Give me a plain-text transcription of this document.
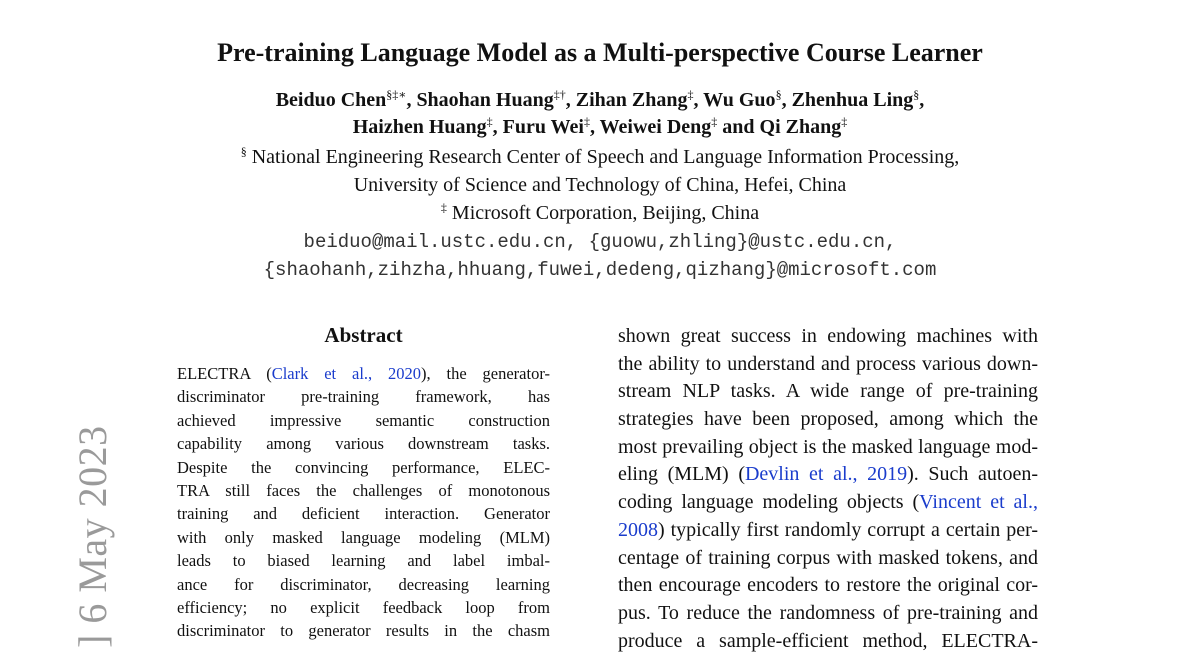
] 6 May 2023
Pre-training Language Model as a Multi-perspective Course Learner
Beiduo Chen§‡∗, Shaohan Huang‡†, Zihan Zhang‡, Wu Guo§, Zhenhua Ling§,
Haizhen Huang‡, Furu Wei‡, Weiwei Deng‡ and Qi Zhang‡
§ National Engineering Research Center of Speech and Language Information Processing,
University of Science and Technology of China, Hefei, China
‡ Microsoft Corporation, Beijing, China
beiduo@mail.ustc.edu.cn, {guowu,zhling}@ustc.edu.cn,
{shaohanh,zihzha,hhuang,fuwei,dedeng,qizhang}@microsoft.com
Abstract
ELECTRA (Clark et al., 2020), the generator-
discriminator pre-training framework, has
achieved impressive semantic construction
capability among various downstream tasks.
Despite the convincing performance, ELEC-
TRA still faces the challenges of monotonous
training and deficient interaction. Generator
with only masked language modeling (MLM)
leads to biased learning and label imbal-
ance for discriminator, decreasing learning
efficiency; no explicit feedback loop from
discriminator to generator results in the chasm
shown great success in endowing machines with
the ability to understand and process various down-
stream NLP tasks. A wide range of pre-training
strategies have been proposed, among which the
most prevailing object is the masked language mod-
eling (MLM) (Devlin et al., 2019). Such autoen-
coding language modeling objects (Vincent et al.,
2008) typically first randomly corrupt a certain per-
centage of training corpus with masked tokens, and
then encourage encoders to restore the original cor-
pus. To reduce the randomness of pre-training and
produce a sample-efficient method, ELECTRA-
